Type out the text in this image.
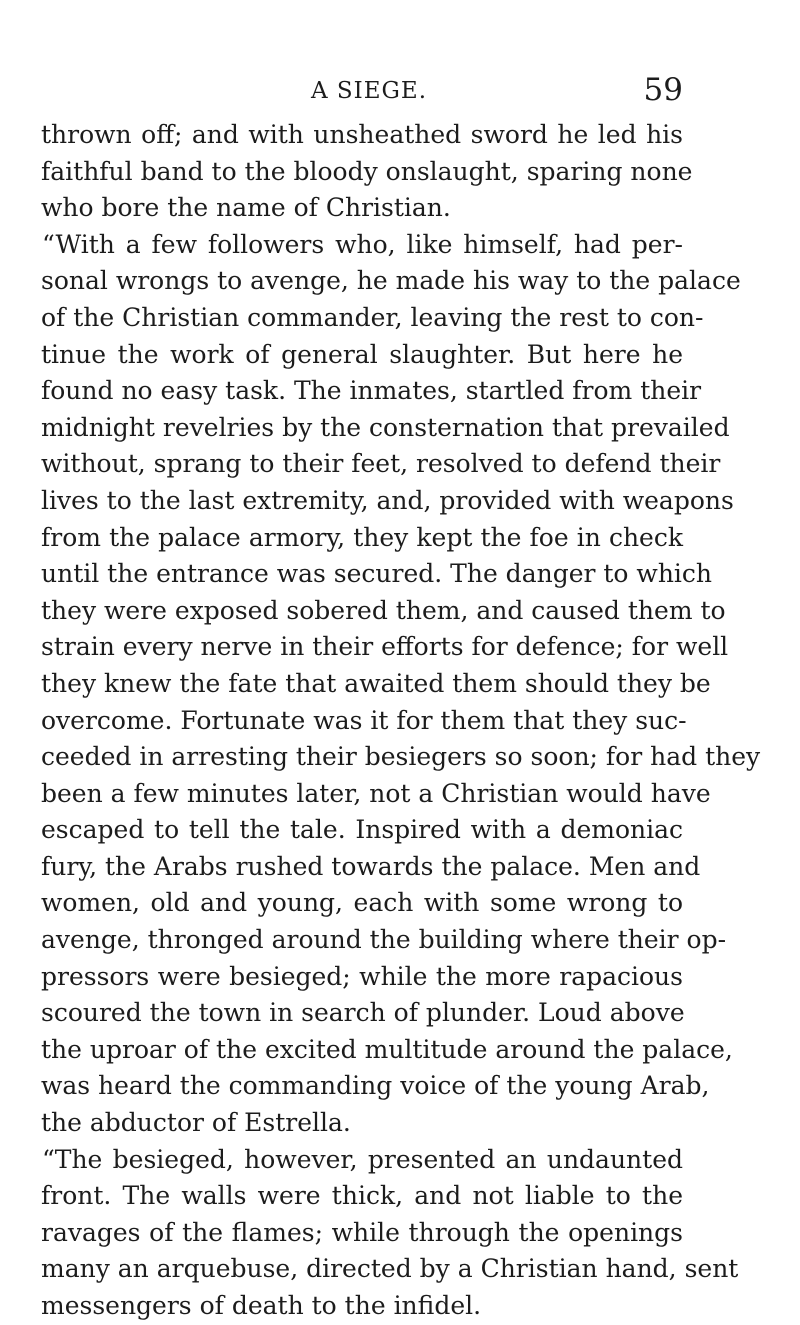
A SIEGE.	59
thrown off; and with unsheathed sword he led his
faithful band to the bloody onslaught, sparing none
who bore the name of Christian.
“With a few followers who, like himself, had per-
sonal wrongs to avenge, he made his way to the palace
of the Christian commander, leaving the rest to con-
tinue the work of general slaughter. But here he
found no easy task. The inmates, startled from their
midnight revelries by the consternation that prevailed
without, sprang to their feet, resolved to defend their
lives to the last extremity, and, provided with weapons
from the palace armory, they kept the foe in check
until the entrance was secured. The danger to which
they were exposed sobered them, and caused them to
strain every nerve in their efforts for defence; for well
they knew the fate that awaited them should they be
overcome. Fortunate was it for them that they suc-
ceeded in arresting their besiegers so soon; for had they
been a few minutes later, not a Christian would have
escaped to tell the tale. Inspired with a demoniac
fury, the Arabs rushed towards the palace. Men and
women, old and young, each with some wrong to
avenge, thronged around the building where their op-
pressors were besieged; while the more rapacious
scoured the town in search of plunder. Loud above
the uproar of the excited multitude around the palace,
was heard the commanding voice of the young Arab,
the abductor of Estrella.
“The besieged, however, presented an undaunted
front. The walls were thick, and not liable to the
ravages of the flames; while through the openings
many an arquebuse, directed by a Christian hand, sent
messengers of death to the infidel.
